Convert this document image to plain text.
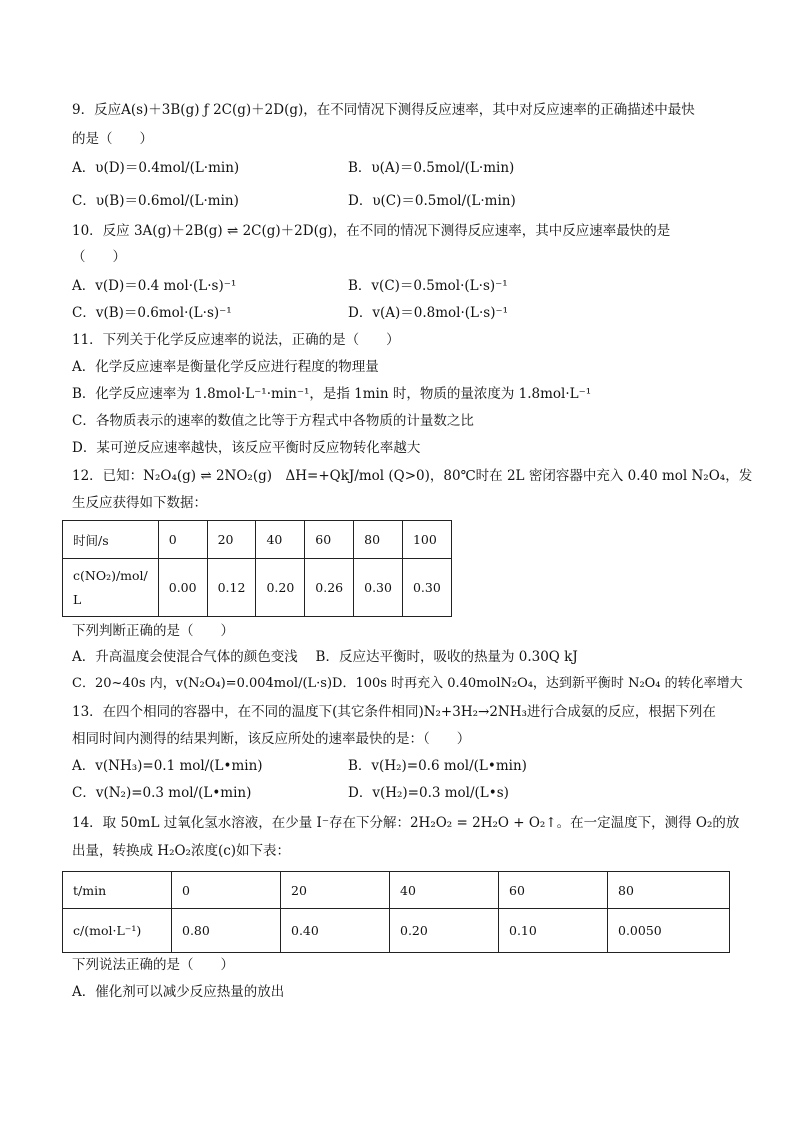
9．反应A(s)＋3B(g) ƒ 2C(g)＋2D(g)，在不同情况下测得反应速率，其中对反应速率的正确描述中最快
的是（　　）
A．υ(D)＝0.4mol/(L·min)	B．υ(A)＝0.5mol/(L·min)
C．υ(B)＝0.6mol/(L·min)	D．υ(C)＝0.5mol/(L·min)
10．反应 3A(g)＋2B(g) ⇌ 2C(g)＋2D(g)，在不同的情况下测得反应速率，其中反应速率最快的是
（　　）
A．v(D)＝0.4 mol·(L·s)⁻¹	B．v(C)＝0.5mol·(L·s)⁻¹
C．v(B)＝0.6mol·(L·s)⁻¹	D．v(A)＝0.8mol·(L·s)⁻¹
11．下列关于化学反应速率的说法，正确的是（　　）
A．化学反应速率是衡量化学反应进行程度的物理量
B．化学反应速率为 1.8mol·L⁻¹·min⁻¹，是指 1min 时，物质的量浓度为 1.8mol·L⁻¹
C．各物质表示的速率的数值之比等于方程式中各物质的计量数之比
D．某可逆反应速率越快，该反应平衡时反应物转化率越大
12．已知：N₂O₄(g) ⇌ 2NO₂(g)　ΔH=+QkJ/mol (Q>0)，80℃时在 2L 密闭容器中充入 0.40 mol N₂O₄，发
生反应获得如下数据：
时间/s	0	20	40	60	80	100
c(NO₂)/mol/
L	0.00	0.12	0.20	0.26	0.30	0.30
下列判断正确的是（　　）
A．升高温度会使混合气体的颜色变浅　 B．反应达平衡时，吸收的热量为 0.30Q kJ
C．20~40s 内，v(N₂O₄)=0.004mol/(L·s)D．100s 时再充入 0.40molN₂O₄，达到新平衡时 N₂O₄ 的转化率增大
13．在四个相同的容器中，在不同的温度下(其它条件相同)N₂+3H₂→2NH₃进行合成氨的反应，根据下列在
相同时间内测得的结果判断，该反应所处的速率最快的是：（　　）
A．v(NH₃)=0.1 mol/(L•min)	B．v(H₂)=0.6 mol/(L•min)
C．v(N₂)=0.3 mol/(L•min)	D．v(H₂)=0.3 mol/(L•s)
14．取 50mL 过氧化氢水溶液，在少量 I⁻存在下分解：2H₂O₂ = 2H₂O + O₂↑。在一定温度下，测得 O₂的放
出量，转换成 H₂O₂浓度(c)如下表：
t/min	0	20	40	60	80
c/(mol·L⁻¹)	0.80	0.40	0.20	0.10	0.0050
下列说法正确的是（　　）
A．催化剂可以减少反应热量的放出
